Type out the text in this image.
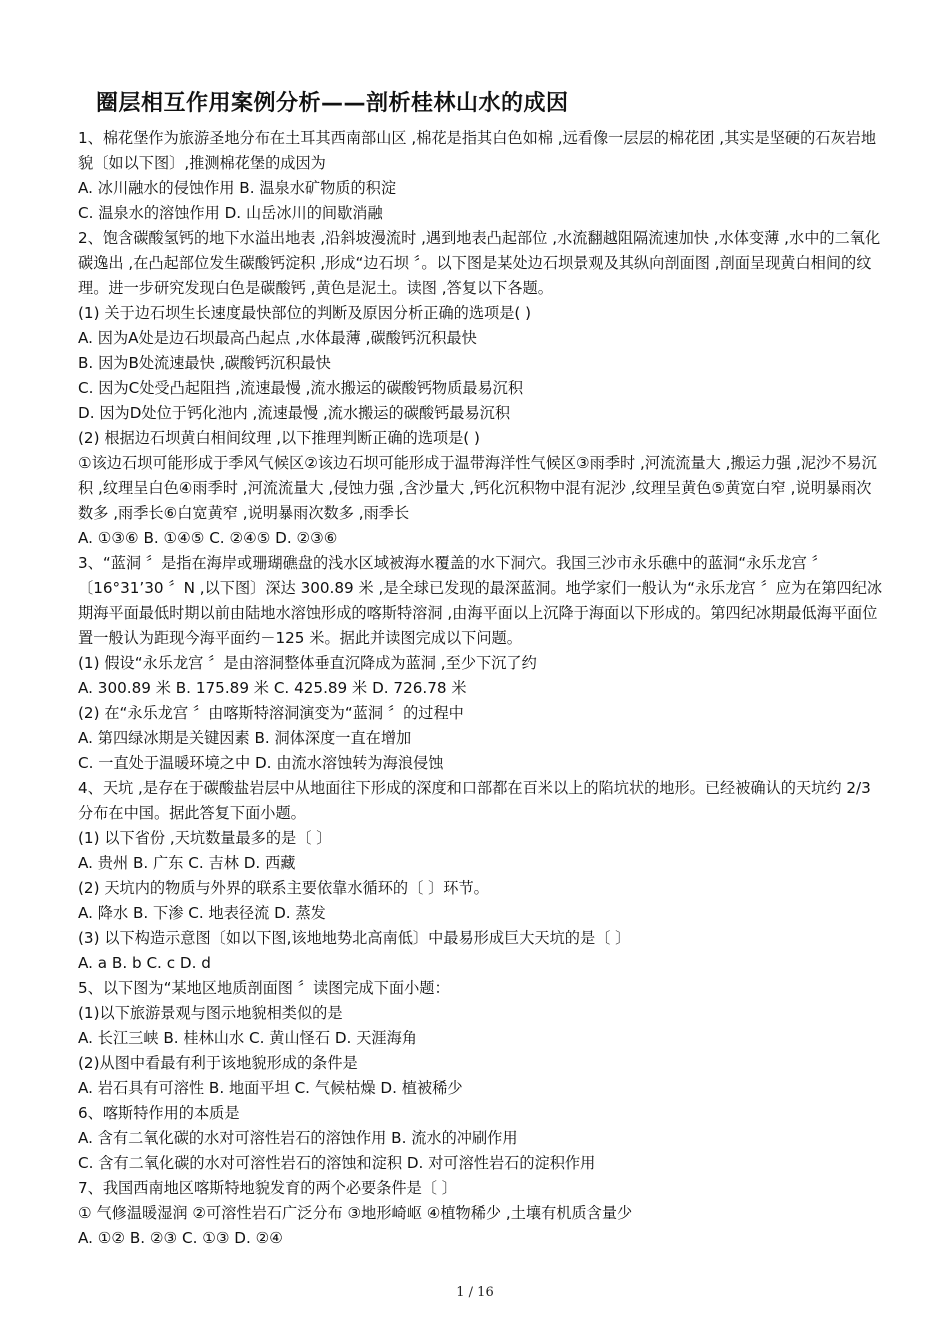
圈层相互作用案例分析——剖析桂林山水的成因

1、棉花堡作为旅游圣地分布在土耳其西南部山区 ,棉花是指其白色如棉 ,远看像一层层的棉花团 ,其实是坚硬的石灰岩地貌〔如以下图〕,推测棉花堡的成因为

A. 冰川融水的侵蚀作用 B. 温泉水矿物质的积淀

C. 温泉水的溶蚀作用 D. 山岳冰川的间歇消融

2、饱含碳酸氢钙的地下水溢出地表 ,沿斜坡漫流时 ,遇到地表凸起部位 ,水流翻越阻隔流速加快 ,水体变薄 ,水中的二氧化碳逸出 ,在凸起部位发生碳酸钙淀积 ,形成“边石坝 〞。以下图是某处边石坝景观及其纵向剖面图 ,剖面呈现黄白相间的纹理。进一步研究发现白色是碳酸钙 ,黄色是泥土。读图 ,答复以下各题。

(1) 关于边石坝生长速度最快部位的判断及原因分析正确的选项是( )

A. 因为A处是边石坝最高凸起点 ,水体最薄 ,碳酸钙沉积最快

B. 因为B处流速最快 ,碳酸钙沉积最快

C. 因为C处受凸起阻挡 ,流速最慢 ,流水搬运的碳酸钙物质最易沉积

D. 因为D处位于钙化池内 ,流速最慢 ,流水搬运的碳酸钙最易沉积

(2) 根据边石坝黄白相间纹理 ,以下推理判断正确的选项是( )

①该边石坝可能形成于季风气候区②该边石坝可能形成于温带海洋性气候区③雨季时 ,河流流量大 ,搬运力强 ,泥沙不易沉积 ,纹理呈白色④雨季时 ,河流流量大 ,侵蚀力强 ,含沙量大 ,钙化沉积物中混有泥沙 ,纹理呈黄色⑤黄宽白窄 ,说明暴雨次数多 ,雨季长⑥白宽黄窄 ,说明暴雨次数多 ,雨季长

A. ①③⑥ B. ①④⑤ C. ②④⑤ D. ②③⑥

3、“蓝洞 〞是指在海岸或珊瑚礁盘的浅水区域被海水覆盖的水下洞穴。我国三沙市永乐礁中的蓝洞“永乐龙宫 〞〔16°31’30 〞N ,以下图〕深达 300.89 米 ,是全球已发现的最深蓝洞。地学家们一般认为“永乐龙宫 〞应为在第四纪冰期海平面最低时期以前由陆地水溶蚀形成的喀斯特溶洞 ,由海平面以上沉降于海面以下形成的。第四纪冰期最低海平面位置一般认为距现今海平面约－125 米。据此并读图完成以下问题。

(1) 假设“永乐龙宫 〞是由溶洞整体垂直沉降成为蓝洞 ,至少下沉了约

A. 300.89 米 B. 175.89 米 C. 425.89 米 D. 726.78 米

(2) 在“永乐龙宫 〞由喀斯特溶洞演变为“蓝洞 〞的过程中

A. 第四绿冰期是关键因素 B. 洞体深度一直在增加

C. 一直处于温暖环境之中 D. 由流水溶蚀转为海浪侵蚀

4、天坑 ,是存在于碳酸盐岩层中从地面往下形成的深度和口部都在百米以上的陷坑状的地形。已经被确认的天坑约 2/3 分布在中国。据此答复下面小题。

(1) 以下省份 ,天坑数量最多的是〔 〕

A. 贵州 B. 广东 C. 吉林 D. 西藏

(2) 天坑内的物质与外界的联系主要依靠水循环的〔 〕环节。

A. 降水 B. 下渗 C. 地表径流 D. 蒸发

(3) 以下构造示意图〔如以下图,该地地势北高南低〕中最易形成巨大天坑的是〔 〕

A. a B. b C. c D. d

5、以下图为“某地区地质剖面图 〞读图完成下面小题：

(1)以下旅游景观与图示地貌相类似的是

A. 长江三峡 B. 桂林山水 C. 黄山怪石 D. 天涯海角

(2)从图中看最有利于该地貌形成的条件是

A. 岩石具有可溶性 B. 地面平坦 C. 气候枯燥 D. 植被稀少

6、喀斯特作用的本质是

A. 含有二氧化碳的水对可溶性岩石的溶蚀作用 B. 流水的冲刷作用

C. 含有二氧化碳的水对可溶性岩石的溶蚀和淀积 D. 对可溶性岩石的淀积作用

7、我国西南地区喀斯特地貌发育的两个必要条件是〔 〕

① 气修温暖湿润 ②可溶性岩石广泛分布 ③地形崎岖 ④植物稀少 ,土壤有机质含量少

A. ①② B. ②③ C. ①③ D. ②④

1 / 16
